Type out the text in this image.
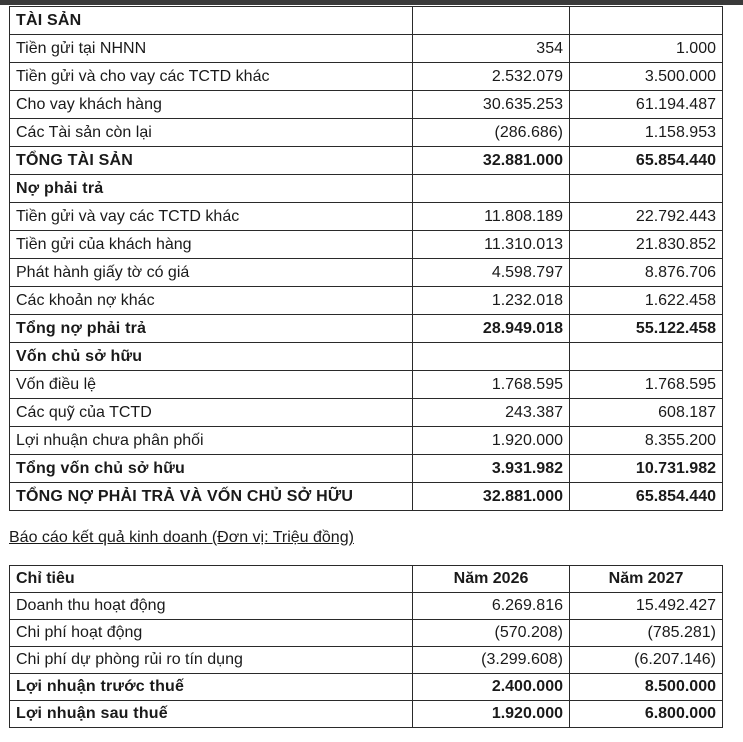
TÀI SẢN		
Tiền gửi tại NHNN	354	1.000
Tiền gửi và cho vay các TCTD khác	2.532.079	3.500.000
Cho vay khách hàng	30.635.253	61.194.487
Các Tài sản còn lại	(286.686)	1.158.953
TỔNG TÀI SẢN	32.881.000	65.854.440
Nợ phải trả		
Tiền gửi và vay các TCTD khác	11.808.189	22.792.443
Tiền gửi của khách hàng	11.310.013	21.830.852
Phát hành giấy tờ có giá	4.598.797	8.876.706
Các khoản nợ khác	1.232.018	1.622.458
Tổng nợ phải trả	28.949.018	55.122.458
Vốn chủ sở hữu		
Vốn điều lệ	1.768.595	1.768.595
Các quỹ của TCTD	243.387	608.187
Lợi nhuận chưa phân phối	1.920.000	8.355.200
Tổng vốn chủ sở hữu	3.931.982	10.731.982
TỔNG NỢ PHẢI TRẢ VÀ VỐN CHỦ SỞ HỮU	32.881.000	65.854.440
Báo cáo kết quả kinh doanh (Đơn vị: Triệu đồng)
Chỉ tiêu	Năm 2026	Năm 2027
Doanh thu hoạt động	6.269.816	15.492.427
Chi phí hoạt động	(570.208)	(785.281)
Chi phí dự phòng rủi ro tín dụng	(3.299.608)	(6.207.146)
Lợi nhuận trước thuế	2.400.000	8.500.000
Lợi nhuận sau thuế	1.920.000	6.800.000
